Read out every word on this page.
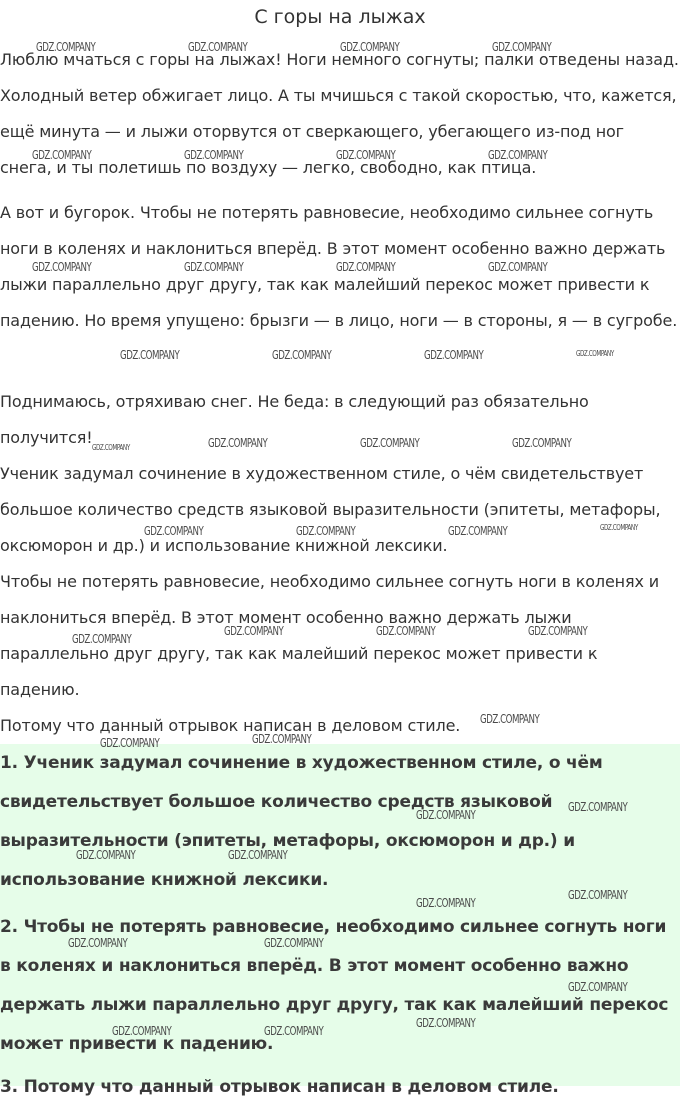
С горы на лыжах

Люблю мчаться с горы на лыжах! Ноги немного согнуты; палки отведены назад. Холодный ветер обжигает лицо. А ты мчишься с такой скоростью, что, кажется, ещё минута — и лыжи оторвутся от сверкающего, убегающего из-под ног снега, и ты полетишь по воздуху — легко, свободно, как птица.

А вот и бугорок. Чтобы не потерять равновесие, необходимо сильнее согнуть ноги в коленях и наклониться вперёд. В этот момент особенно важно держать лыжи параллельно друг другу, так как малейший перекос может привести к падению. Но время упущено: брызги — в лицо, ноги — в стороны, я — в сугробе.

Поднимаюсь, отряхиваю снег. Не беда: в следующий раз обязательно получится!

Ученик задумал сочинение в художественном стиле, о чём свидетельствует большое количество средств языковой выразительности (эпитеты, метафоры, оксюморон и др.) и использование книжной лексики.

Чтобы не потерять равновесие, необходимо сильнее согнуть ноги в коленях и наклониться вперёд. В этот момент особенно важно держать лыжи параллельно друг другу, так как малейший перекос может привести к падению.

Потому что данный отрывок написан в деловом стиле.

1. Ученик задумал сочинение в художественном стиле, о чём свидетельствует большое количество средств языковой выразительности (эпитеты, метафоры, оксюморон и др.) и использование книжной лексики.

2. Чтобы не потерять равновесие, необходимо сильнее согнуть ноги в коленях и наклониться вперёд. В этот момент особенно важно держать лыжи параллельно друг другу, так как малейший перекос может привести к падению.

3. Потому что данный отрывок написан в деловом стиле.

GDZ.COMPANY	GDZ.COMPANY	GDZ.COMPANY	GDZ.COMPANY
GDZ.COMPANY	GDZ.COMPANY	GDZ.COMPANY	GDZ.COMPANY
GDZ.COMPANY	GDZ.COMPANY	GDZ.COMPANY	GDZ.COMPANY
GDZ.COMPANY	GDZ.COMPANY	GDZ.COMPANY	GDZ.COMPANY
GDZ.COMPANY	GDZ.COMPANY	GDZ.COMPANY	GDZ.COMPANY
GDZ.COMPANY	GDZ.COMPANY	GDZ.COMPANY	GDZ.COMPANY
GDZ.COMPANY
GDZ.COMPANY	GDZ.COMPANY	GDZ.COMPANY
GDZ.COMPANY
GDZ.COMPANY	GDZ.COMPANY
GDZ.COMPANY
GDZ.COMPANY
GDZ.COMPANY	GDZ.COMPANY
GDZ.COMPANY
GDZ.COMPANY
GDZ.COMPANY	GDZ.COMPANY
GDZ.COMPANY
GDZ.COMPANY
GDZ.COMPANY	GDZ.COMPANY
